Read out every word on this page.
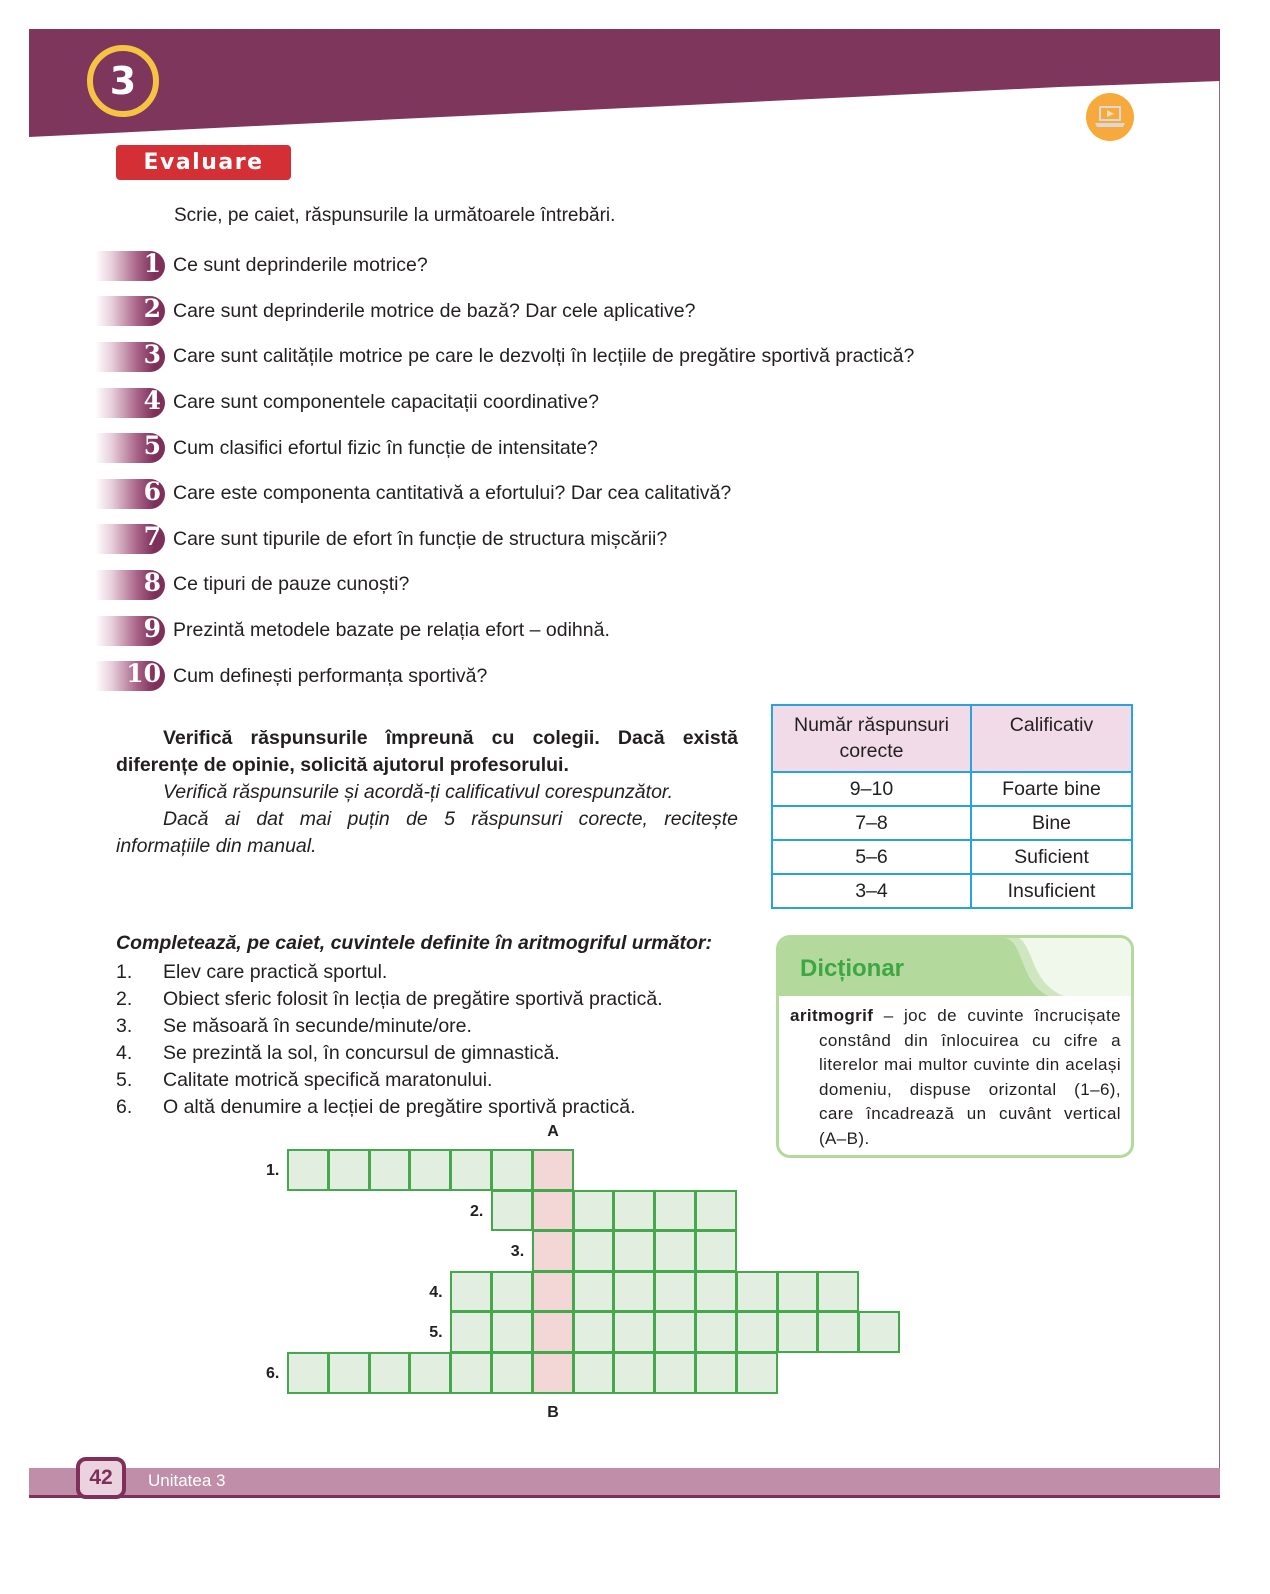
3
Evaluare
Scrie, pe caiet, răspunsurile la următoarele întrebări.
1 Ce sunt deprinderile motrice?
2 Care sunt deprinderile motrice de bază? Dar cele aplicative?
3 Care sunt calitățile motrice pe care le dezvolți în lecțiile de pregătire sportivă practică?
4 Care sunt componentele capacitații coordinative?
5 Cum clasifici efortul fizic în funcție de intensitate?
6 Care este componenta cantitativă a efortului? Dar cea calitativă?
7 Care sunt tipurile de efort în funcție de structura mișcării?
8 Ce tipuri de pauze cunoști?
9 Prezintă metodele bazate pe relația efort – odihnă.
10 Cum definești performanța sportivă?

Verifică răspunsurile împreună cu colegii. Dacă există diferențe de opinie, solicită ajutorul profesorului.

Verifică răspunsurile și acordă-ți calificativul corespunzător.

Dacă ai dat mai puțin de 5 răspunsuri corecte, recitește informațiile din manual.

Număr răspunsuri corecte	Calificativ
9–10	Foarte bine
7–8	Bine
5–6	Suficient
3–4	Insuficient
Completează, pe caiet, cuvintele definite în aritmogriful următor:
1.	Elev care practică sportul.
2.	Obiect sferic folosit în lecția de pregătire sportivă practică.
3.	Se măsoară în secunde/minute/ore.
4.	Se prezintă la sol, în concursul de gimnastică.
5.	Calitate motrică specifică maratonului.
6.	O altă denumire a lecției de pregătire sportivă practică.
Dicționar
aritmogrif – joc de cuvinte încrucișate constând din înlocuirea cu cifre a literelor mai multor cuvinte din același domeniu, dispuse orizontal (1–6), care încadrează un cuvânt vertical (A–B).
A
B
1.
2.
3.
4.
5.
6.
42 Unitatea 3
